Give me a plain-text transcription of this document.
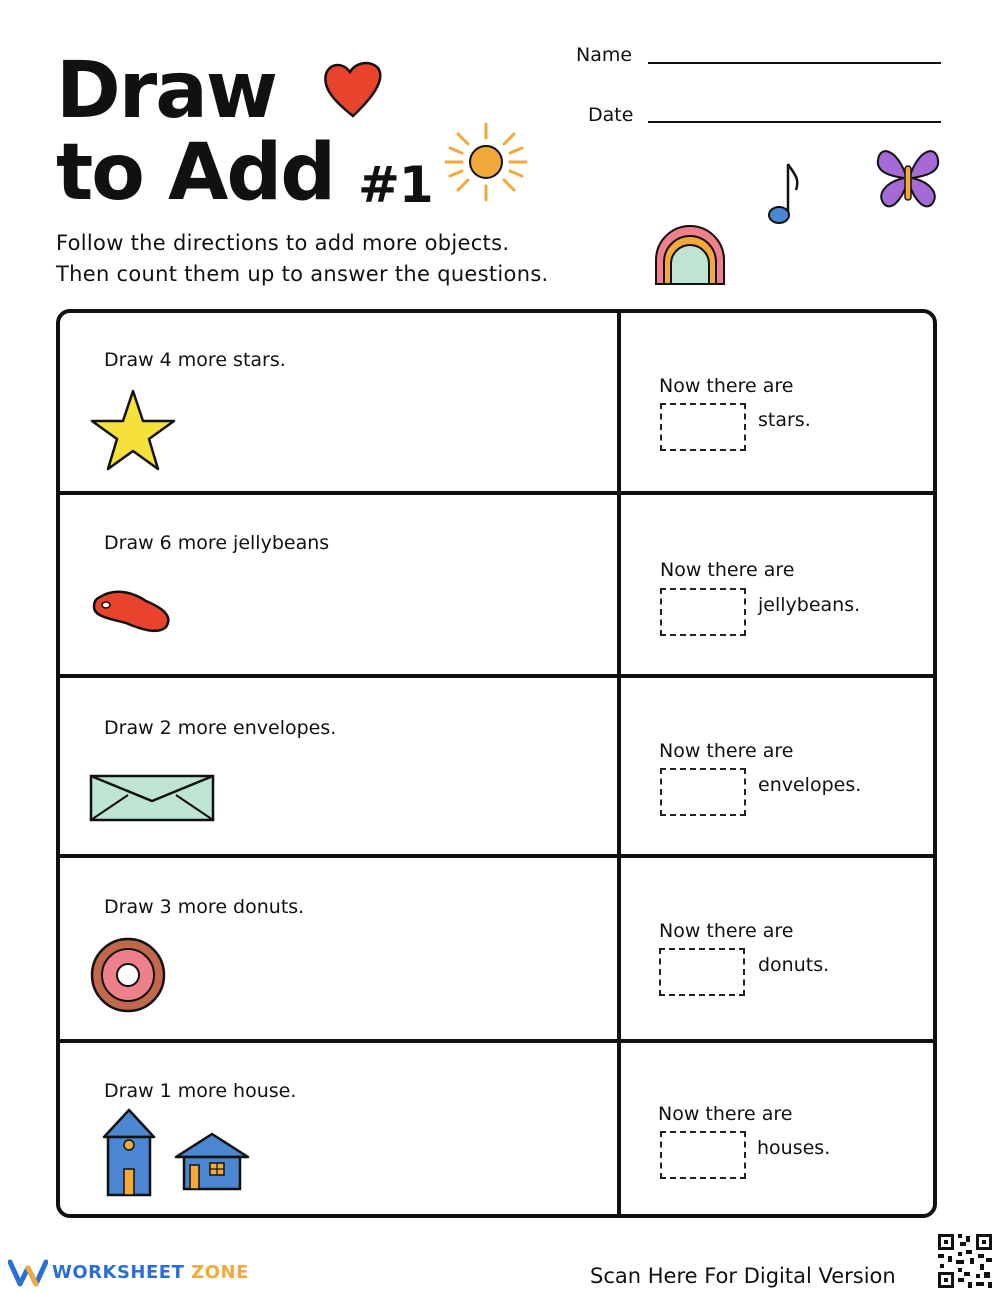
Draw
to Add #1
Name
Date
Follow the directions to add more objects.
Then count them up to answer the questions.
Draw 4 more stars.
Now there are
stars.
Draw 6 more jellybeans
Now there are
jellybeans.
Draw 2 more envelopes.
Now there are
envelopes.
Draw 3 more donuts.
Now there are
donuts.
Draw 1 more house.
Now there are
houses.
WORKSHEET ZONE	Scan Here For Digital Version
